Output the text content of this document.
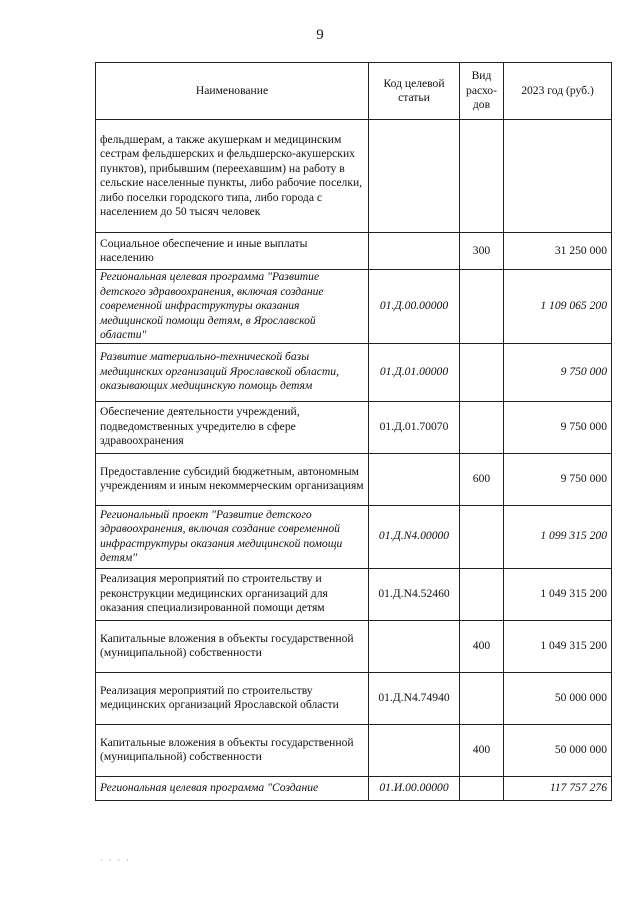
9
Наименование	Код целевой статьи	Вид расхо-дов	2023 год (руб.)
фельдшерам, а также акушеркам и медицинским сестрам фельдшерских и фельдшерско-акушерских пунктов), прибывшим (переехавшим) на работу в сельские населенные пункты, либо рабочие поселки, либо поселки городского типа, либо города с населением до 50 тысяч человек			
Социальное обеспечение и иные выплаты населению		300	31 250 000
Региональная целевая программа "Развитие детского здравоохранения, включая создание современной инфраструктуры оказания медицинской помощи детям, в Ярославской области"	01.Д.00.00000		1 109 065 200
Развитие материально-технической базы медицинских организаций Ярославской области, оказывающих медицинскую помощь детям	01.Д.01.00000		9 750 000
Обеспечение деятельности учреждений, подведомственных учредителю в сфере здравоохранения	01.Д.01.70070		9 750 000
Предоставление субсидий бюджетным, автономным учреждениям и иным некоммерческим организациям		600	9 750 000
Региональный проект "Развитие детского здравоохранения, включая создание современной инфраструктуры оказания медицинской помощи детям"	01.Д.N4.00000		1 099 315 200
Реализация мероприятий по строительству и реконструкции медицинских организаций для оказания специализированной помощи детям	01.Д.N4.52460		1 049 315 200
Капитальные вложения в объекты государственной (муниципальной) собственности		400	1 049 315 200
Реализация мероприятий по строительству медицинских организаций Ярославской области	01.Д.N4.74940		50 000 000
Капитальные вложения в объекты государственной (муниципальной) собственности		400	50 000 000
Региональная целевая программа "Создание	01.И.00.00000		117 757 276
· · · ·
